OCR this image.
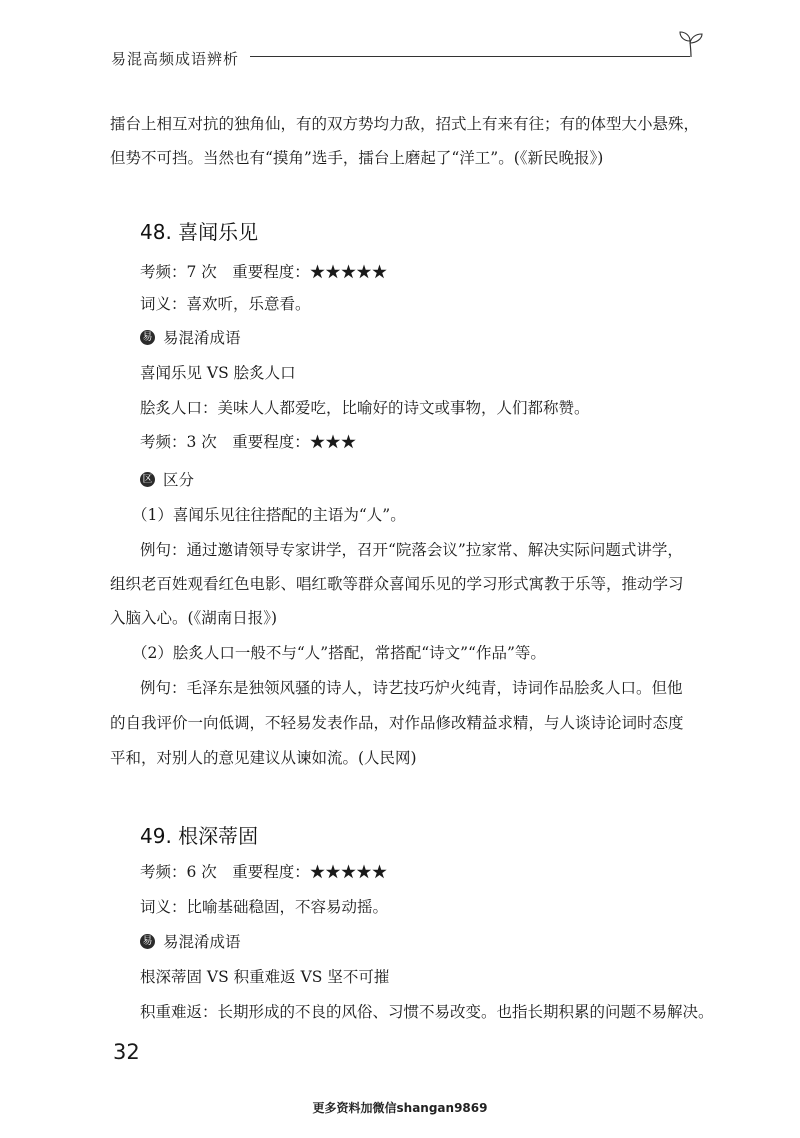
易混高频成语辨析
擂台上相互对抗的独角仙，有的双方势均力敌，招式上有来有往；有的体型大小悬殊，
但势不可挡。当然也有“摸角”选手，擂台上磨起了“洋工”。(《新民晚报》)
48. 喜闻乐见
考频：7 次　重要程度：★★★★★
词义：喜欢听，乐意看。
易 易混淆成语
喜闻乐见 VS 脍炙人口
脍炙人口：美味人人都爱吃，比喻好的诗文或事物，人们都称赞。
考频：3 次　重要程度：★★★
区 区分
（1）喜闻乐见往往搭配的主语为“人”。
例句：通过邀请领导专家讲学，召开“院落会议”拉家常、解决实际问题式讲学，
组织老百姓观看红色电影、唱红歌等群众喜闻乐见的学习形式寓教于乐等，推动学习
入脑入心。(《湖南日报》)
（2）脍炙人口一般不与“人”搭配，常搭配“诗文”“作品”等。
例句：毛泽东是独领风骚的诗人，诗艺技巧炉火纯青，诗词作品脍炙人口。但他
的自我评价一向低调，不轻易发表作品，对作品修改精益求精，与人谈诗论词时态度
平和，对别人的意见建议从谏如流。(人民网)
49. 根深蒂固
考频：6 次　重要程度：★★★★★
词义：比喻基础稳固，不容易动摇。
易 易混淆成语
根深蒂固 VS 积重难返 VS 坚不可摧
积重难返：长期形成的不良的风俗、习惯不易改变。也指长期积累的问题不易解决。
32
更多资料加微信shangan9869
